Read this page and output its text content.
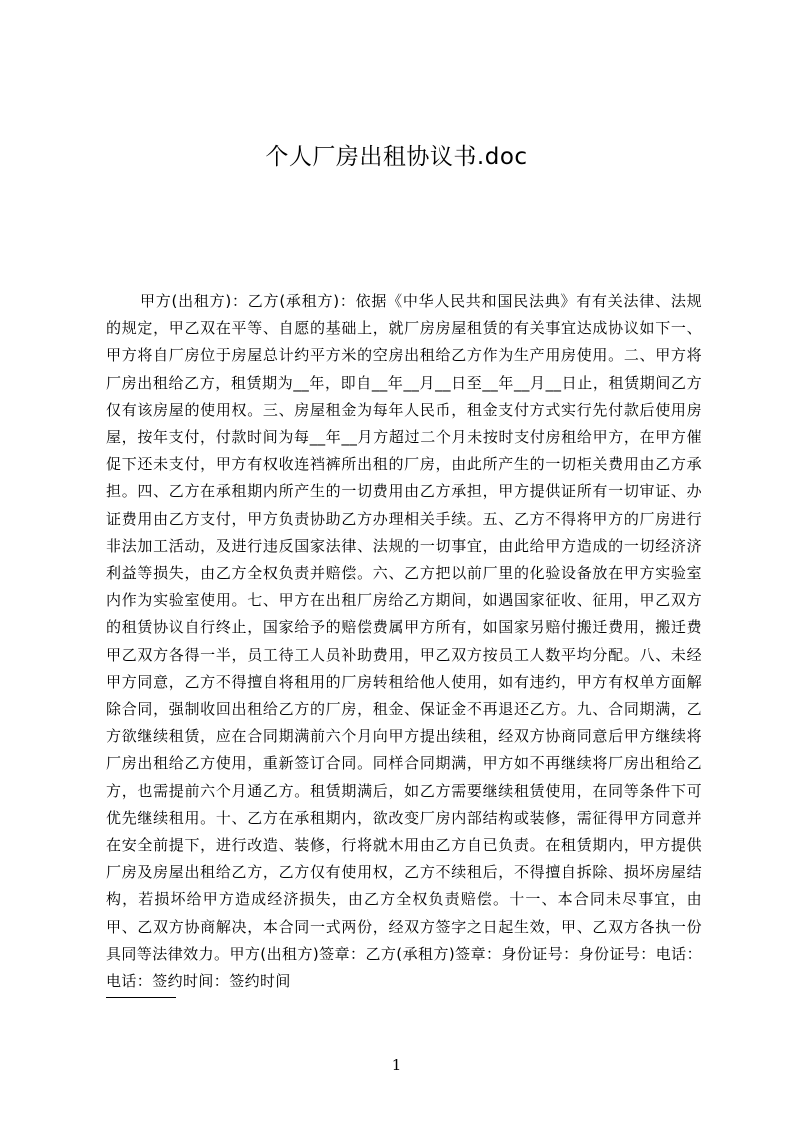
个人厂房出租协议书.doc
甲方(出租方)：乙方(承租方)：依据《中华人民共和国民法典》有有关法律、法规的规定，甲乙双在平等、自愿的基础上，就厂房房屋租赁的有关事宜达成协议如下一、甲方将自厂房位于房屋总计约平方米的空房出租给乙方作为生产用房使用。二、甲方将厂房出租给乙方，租赁期为__年，即自__年__月__日至__年__月__日止，租赁期间乙方仅有该房屋的使用权。三、房屋租金为每年人民币，租金支付方式实行先付款后使用房屋，按年支付，付款时间为每__年__月方超过二个月未按时支付房租给甲方，在甲方催促下还未支付，甲方有权收连裆裤所出租的厂房，由此所产生的一切柜关费用由乙方承担。四、乙方在承租期内所产生的一切费用由乙方承担，甲方提供证所有一切审证、办证费用由乙方支付，甲方负责协助乙方办理相关手续。五、乙方不得将甲方的厂房进行非法加工活动，及进行违反国家法律、法规的一切事宜，由此给甲方造成的一切经济济利益等损失，由乙方全权负责并赔偿。六、乙方把以前厂里的化验设备放在甲方实验室内作为实验室使用。七、甲方在出租厂房给乙方期间，如遇国家征收、征用，甲乙双方的租赁协议自行终止，国家给予的赔偿费属甲方所有，如国家另赔付搬迁费用，搬迁费甲乙双方各得一半，员工待工人员补助费用，甲乙双方按员工人数平均分配。八、未经甲方同意，乙方不得擅自将租用的厂房转租给他人使用，如有违约，甲方有权单方面解除合同，强制收回出租给乙方的厂房，租金、保证金不再退还乙方。九、合同期满，乙方欲继续租赁，应在合同期满前六个月向甲方提出续租，经双方协商同意后甲方继续将厂房出租给乙方使用，重新签订合同。同样合同期满，甲方如不再继续将厂房出租给乙方，也需提前六个月通乙方。租赁期满后，如乙方需要继续租赁使用，在同等条件下可优先继续租用。十、乙方在承租期内，欲改变厂房内部结构或装修，需征得甲方同意并在安全前提下，进行改造、装修，行将就木用由乙方自已负责。在租赁期内，甲方提供厂房及房屋出租给乙方，乙方仅有使用权，乙方不续租后，不得擅自拆除、损坏房屋结构，若损坏给甲方造成经济损失，由乙方全权负责赔偿。十一、本合同未尽事宜，由甲、乙双方协商解决，本合同一式两份，经双方签字之日起生效，甲、乙双方各执一份具同等法律效力。甲方(出租方)签章：乙方(承租方)签章：身份证号：身份证号：电话：电话：签约时间：签约时间
1
